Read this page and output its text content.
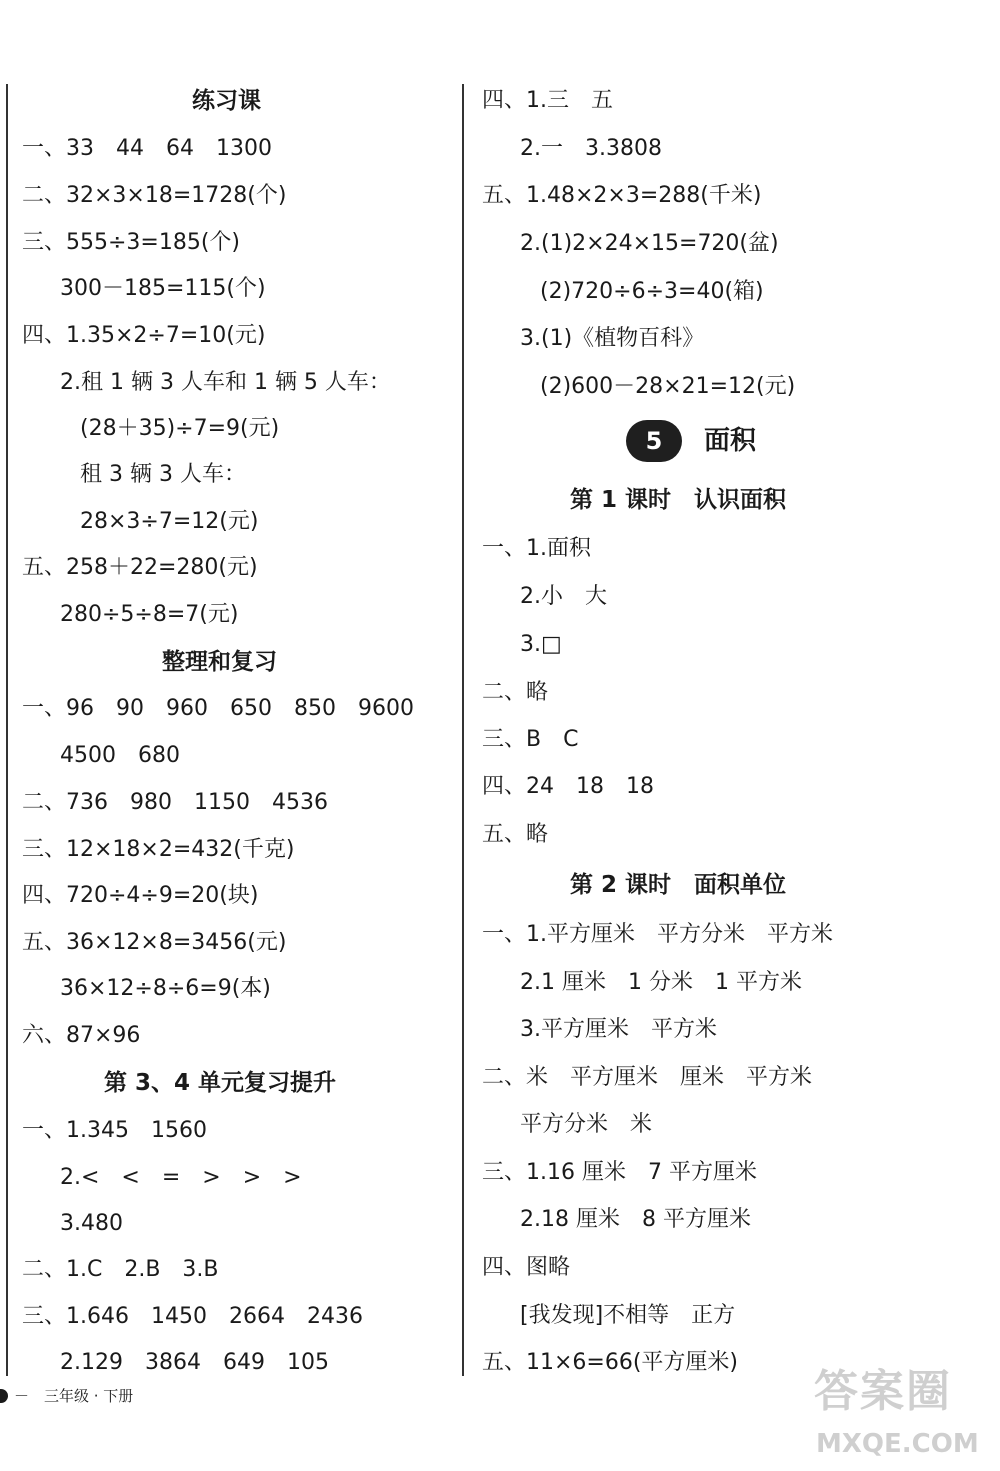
练习课
一、33　44　64　1300
二、32×3×18=1728(个)
三、555÷3=185(个)
300－185=115(个)
四、1.35×2÷7=10(元)
2.租 1 辆 3 人车和 1 辆 5 人车：
(28＋35)÷7=9(元)
租 3 辆 3 人车：
28×3÷7=12(元)
五、258＋22=280(元)
280÷5÷8=7(元)
整理和复习
一、96　90　960　650　850　9600
4500　680
二、736　980　1150　4536
三、12×18×2=432(千克)
四、720÷4÷9=20(块)
五、36×12×8=3456(元)
36×12÷8÷6=9(本)
六、87×96
第 3、4 单元复习提升
一、1.345　1560
2.<　<　=　>　>　>
3.480
二、1.C　2.B　3.B
三、1.646　1450　2664　2436
2.129　3864　649　105
四、1.三　五
2.一　3.3808
五、1.48×2×3=288(千米)
2.(1)2×24×15=720(盆)
(2)720÷6÷3=40(箱)
3.(1)《植物百科》
(2)600－28×21=12(元)
第 1 课时　认识面积
一、1.面积
2.小　大
3.□
二、略
三、B　C
四、24　18　18
五、略
第 2 课时　面积单位
一、1.平方厘米　平方分米　平方米
2.1 厘米　1 分米　1 平方米
3.平方厘米　平方米
二、米　平方厘米　厘米　平方米
平方分米　米
三、1.16 厘米　7 平方厘米
2.18 厘米　8 平方厘米
四、图略
[我发现]不相等　正方
五、11×6=66(平方厘米)
5	面积
－　三年级 · 下册	答案圈
MXQE.COM
